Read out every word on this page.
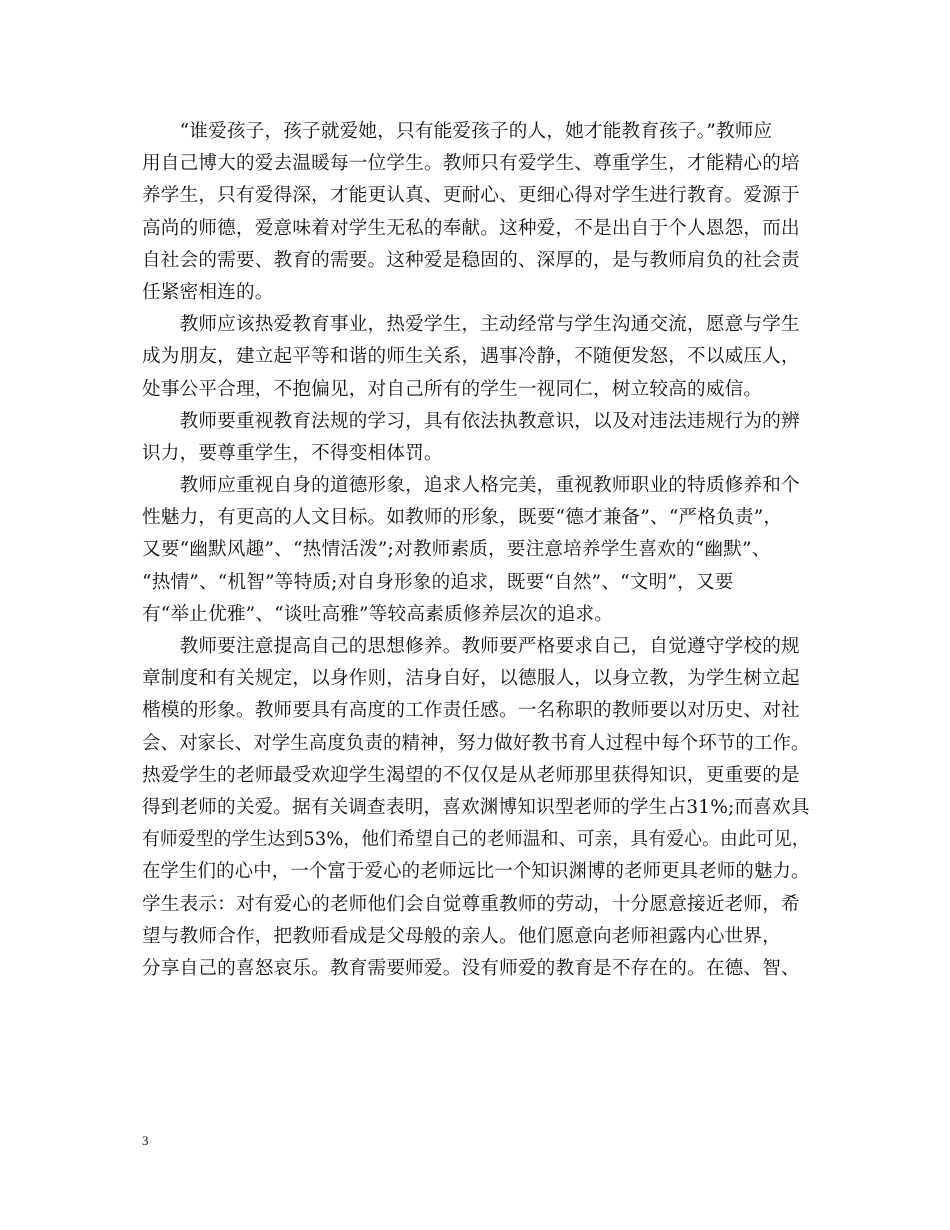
　　“谁爱孩子，孩子就爱她，只有能爱孩子的人，她才能教育孩子。”教师应
用自己博大的爱去温暖每一位学生。教师只有爱学生、尊重学生，才能精心的培
养学生，只有爱得深，才能更认真、更耐心、更细心得对学生进行教育。爱源于
高尚的师德，爱意味着对学生无私的奉献。这种爱，不是出自于个人恩怨，而出
自社会的需要、教育的需要。这种爱是稳固的、深厚的，是与教师肩负的社会责
任紧密相连的。
　　教师应该热爱教育事业，热爱学生，主动经常与学生沟通交流，愿意与学生
成为朋友，建立起平等和谐的师生关系，遇事冷静，不随便发怒，不以威压人，
处事公平合理，不抱偏见，对自己所有的学生一视同仁，树立较高的威信。
　　教师要重视教育法规的学习，具有依法执教意识，以及对违法违规行为的辨
识力，要尊重学生，不得变相体罚。
　　教师应重视自身的道德形象，追求人格完美，重视教师职业的特质修养和个
性魅力，有更高的人文目标。如教师的形象，既要“德才兼备”、“严格负责”，
又要“幽默风趣”、“热情活泼”;对教师素质，要注意培养学生喜欢的“幽默”、
“热情”、“机智”等特质;对自身形象的追求，既要“自然”、“文明”，又要
有“举止优雅”、“谈吐高雅”等较高素质修养层次的追求。
　　教师要注意提高自己的思想修养。教师要严格要求自己，自觉遵守学校的规
章制度和有关规定，以身作则，洁身自好，以德服人，以身立教，为学生树立起
楷模的形象。教师要具有高度的工作责任感。一名称职的教师要以对历史、对社
会、对家长、对学生高度负责的精神，努力做好教书育人过程中每个环节的工作。
热爱学生的老师最受欢迎学生渴望的不仅仅是从老师那里获得知识，更重要的是
得到老师的关爱。据有关调查表明，喜欢渊博知识型老师的学生占31%;而喜欢具
有师爱型的学生达到53%，他们希望自己的老师温和、可亲，具有爱心。由此可见，
在学生们的心中，一个富于爱心的老师远比一个知识渊博的老师更具老师的魅力。
学生表示：对有爱心的老师他们会自觉尊重教师的劳动，十分愿意接近老师，希
望与教师合作，把教师看成是父母般的亲人。他们愿意向老师袒露内心世界，
分享自己的喜怒哀乐。教育需要师爱。没有师爱的教育是不存在的。在德、智、
3
